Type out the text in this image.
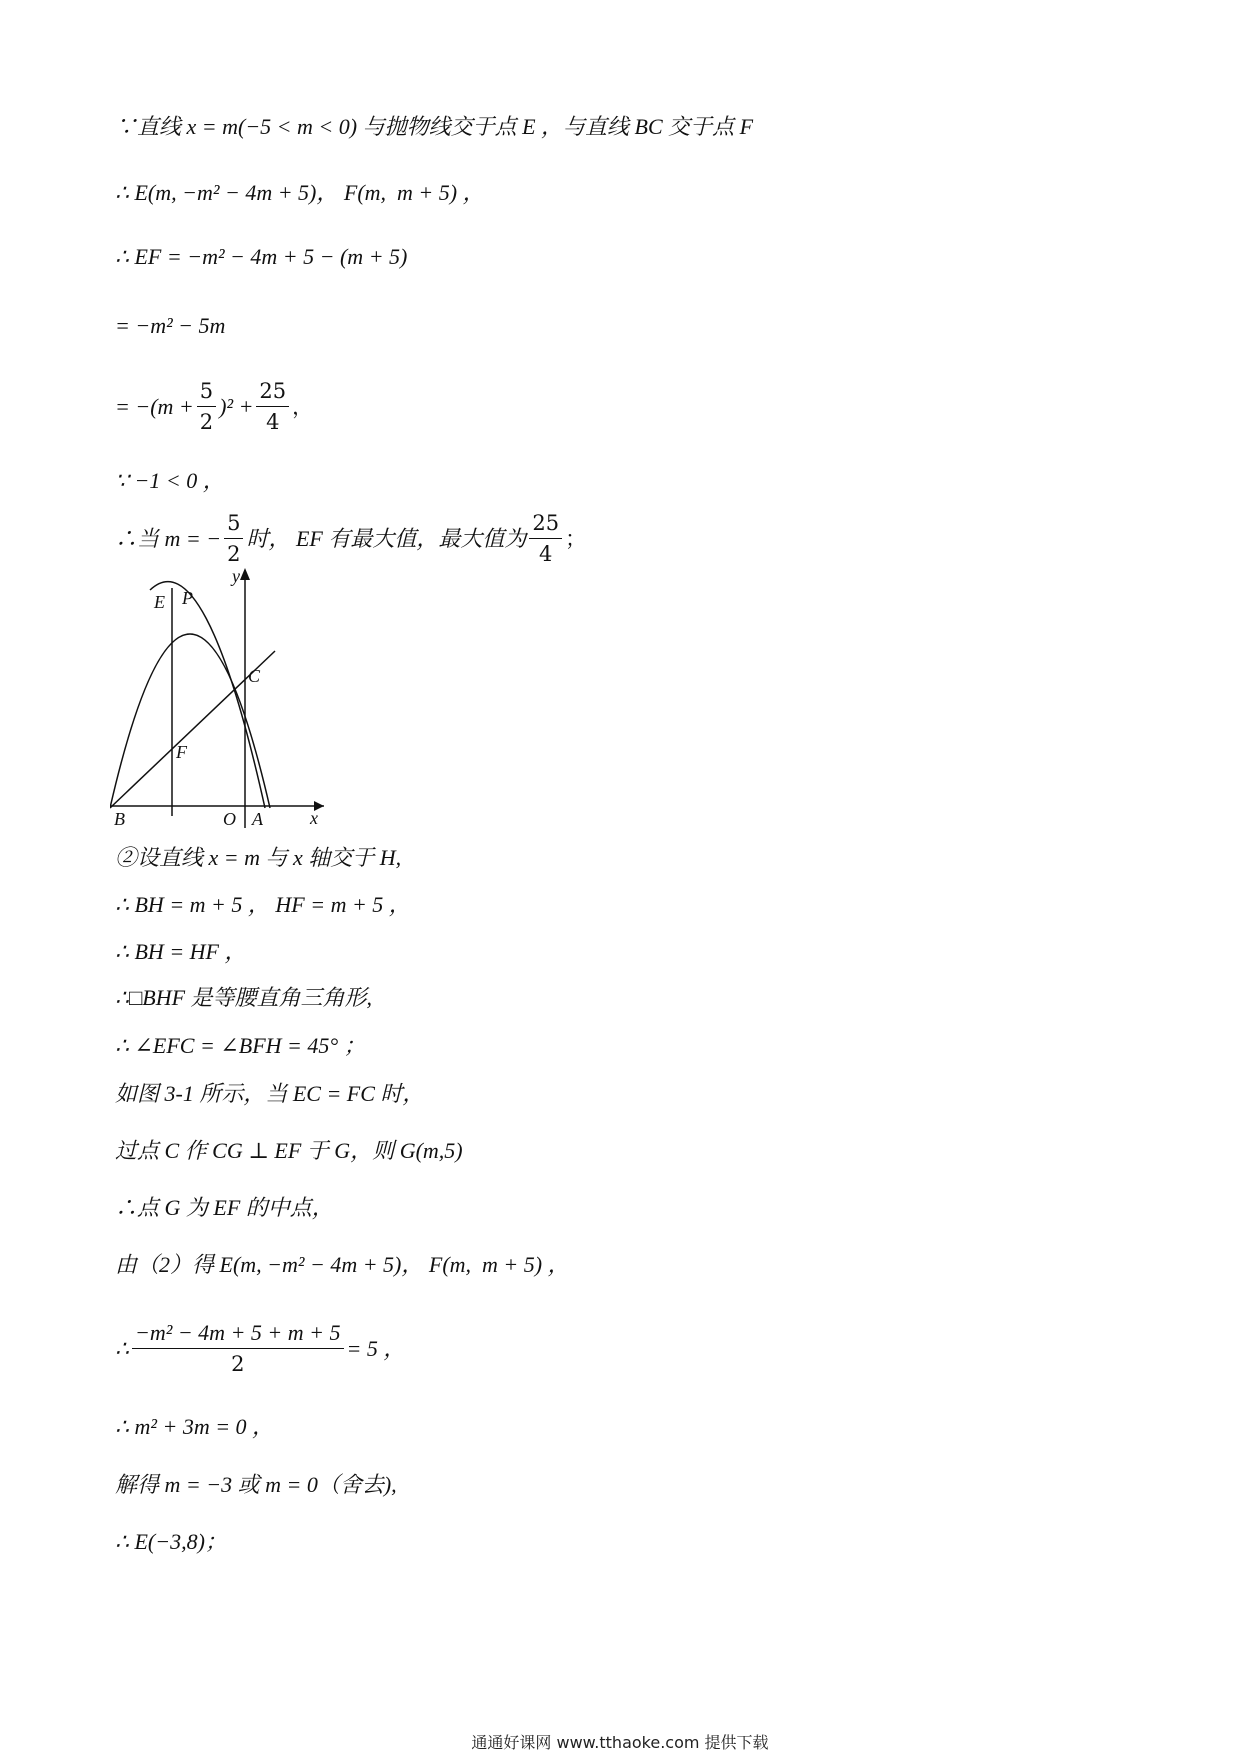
∵直线 x = m(−5 < m < 0) 与抛物线交于点 E ，与直线 BC 交于点 F
∴ E(m, −m² − 4m + 5)， F(m,  m + 5) ，
∴ EF = −m² − 4m + 5 − (m + 5)
= −m² − 5m
= $-(m + \frac{5}{2} )^2 + \frac{25}{4}$ ，
∵ −1 < 0 ，
∴当 m = − $\frac{5}{2}$ 时， EF 有最大值，最大值为 $\frac{25}{4}$ ；
y
x
E P
C
F
B	O A
②设直线 x = m 与 x 轴交于 H,
∴ BH = m + 5 ， HF = m + 5 ，
∴ BH = HF ，
∴□BHF 是等腰直角三角形,
∴ ∠EFC = ∠BFH = 45° ；
如图 3-1 所示，当 EC = FC 时，
过点 C 作 CG ⊥ EF 于 G，则 G(m,5)
∴点 G 为 EF 的中点，
由（2）得 E(m, −m² − 4m + 5)， F(m,  m + 5) ，
∴ $\frac{\text{−m² − 4m + 5 + m + 5}}{2} = 5$ ，
∴ m² + 3m = 0 ，
解得 m = −3 或 m = 0（舍去),
∴ E(−3,8)；
通通好课网 www.tthaoke.com 提供下载
